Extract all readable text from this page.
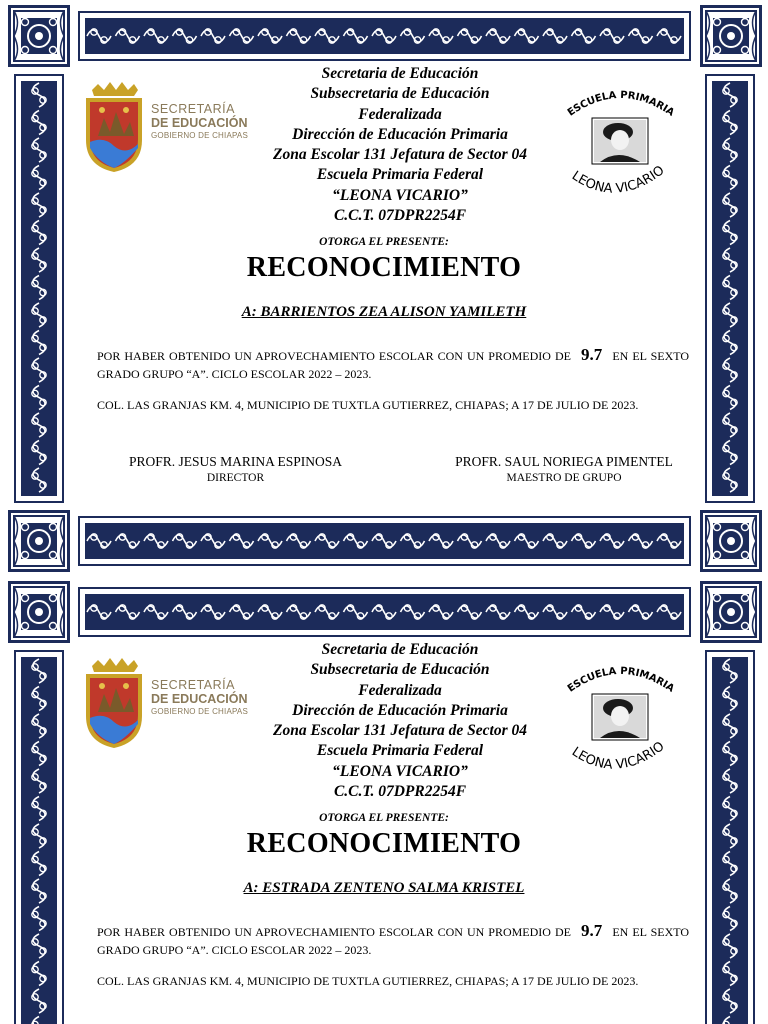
SECRETARÍA
DE EDUCACIÓN
GOBIERNO DE CHIAPAS
Secretaria de Educación
Subsecretaria de Educación
Federalizada
Dirección de Educación Primaria
Zona Escolar 131 Jefatura de Sector 04
Escuela Primaria Federal
“LEONA VICARIO”
C.C.T. 07DPR2254F
ESCUELA PRIMARIA
LEONA VICARIO
OTORGA EL PRESENTE:
RECONOCIMIENTO
A: BARRIENTOS ZEA ALISON YAMILETH
POR HABER OBTENIDO UN APROVECHAMIENTO ESCOLAR CON UN PROMEDIO DE 9.7 EN EL SEXTO GRADO GRUPO “A”. CICLO ESCOLAR 2022 – 2023.
COL. LAS GRANJAS KM. 4, MUNICIPIO DE TUXTLA GUTIERREZ, CHIAPAS; A 17 DE JULIO DE 2023.
PROFR. JESUS MARINA ESPINOSA
DIRECTOR
PROFR. SAUL NORIEGA PIMENTEL
MAESTRO DE GRUPO
SECRETARÍA
DE EDUCACIÓN
GOBIERNO DE CHIAPAS
Secretaria de Educación
Subsecretaria de Educación
Federalizada
Dirección de Educación Primaria
Zona Escolar 131 Jefatura de Sector 04
Escuela Primaria Federal
“LEONA VICARIO”
C.C.T. 07DPR2254F
ESCUELA PRIMARIA
LEONA VICARIO
OTORGA EL PRESENTE:
RECONOCIMIENTO
A: ESTRADA ZENTENO SALMA KRISTEL
POR HABER OBTENIDO UN APROVECHAMIENTO ESCOLAR CON UN PROMEDIO DE 9.7 EN EL SEXTO GRADO GRUPO “A”. CICLO ESCOLAR 2022 – 2023.
COL. LAS GRANJAS KM. 4, MUNICIPIO DE TUXTLA GUTIERREZ, CHIAPAS; A 17 DE JULIO DE 2023.
